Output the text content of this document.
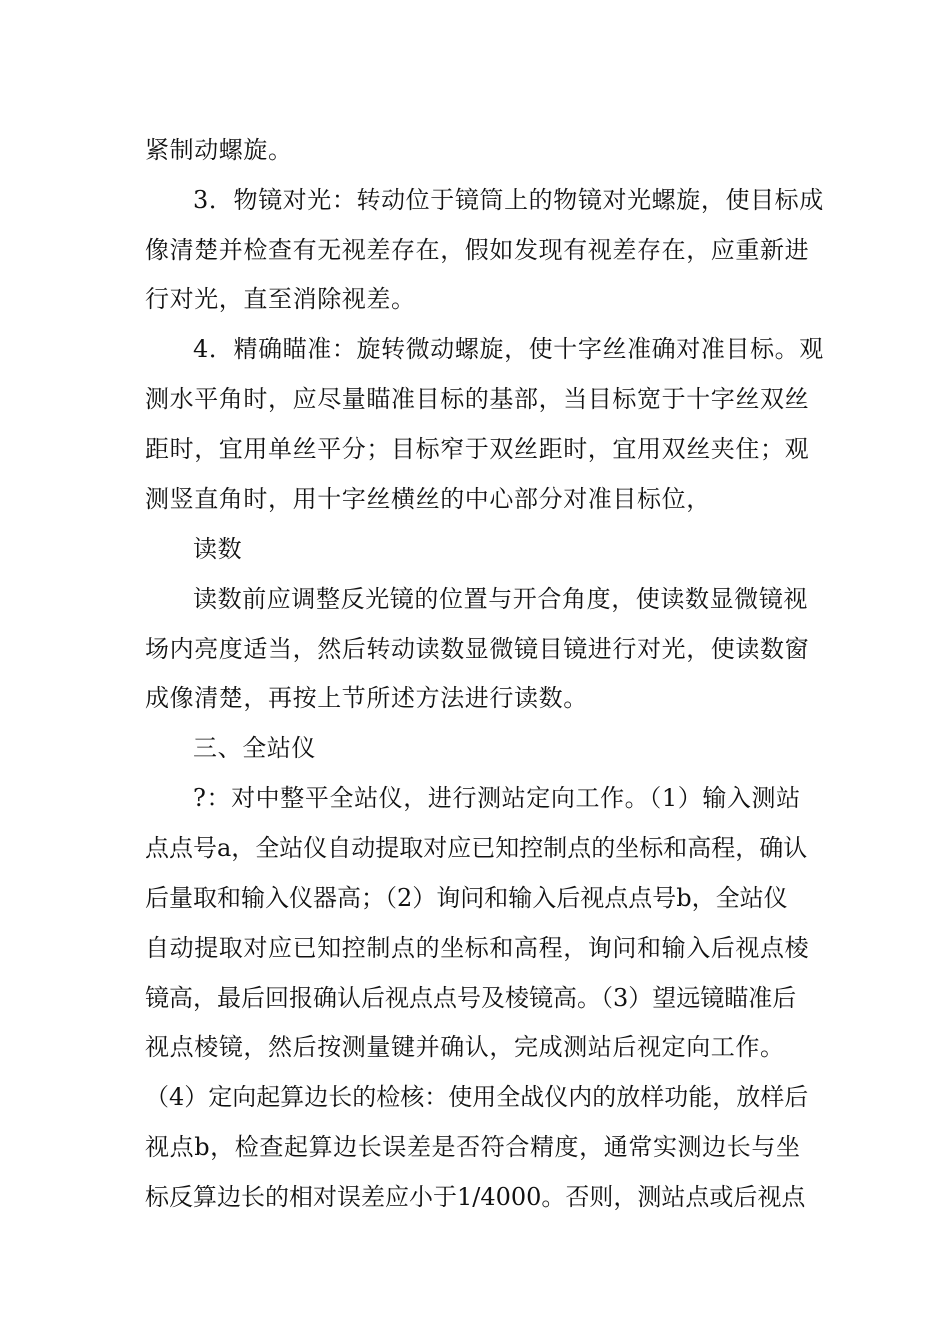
紧制动螺旋。
3．物镜对光：转动位于镜筒上的物镜对光螺旋，使目标成
像清楚并检查有无视差存在，假如发现有视差存在，应重新进
行对光，直至消除视差。
4．精确瞄准：旋转微动螺旋，使十字丝准确对准目标。观
测水平角时，应尽量瞄准目标的基部，当目标宽于十字丝双丝
距时，宜用单丝平分；目标窄于双丝距时，宜用双丝夹住；观
测竖直角时，用十字丝横丝的中心部分对准目标位，
读数
读数前应调整反光镜的位置与开合角度，使读数显微镜视
场内亮度适当，然后转动读数显微镜目镜进行对光，使读数窗
成像清楚，再按上节所述方法进行读数。
三、全站仪
?：对中整平全站仪，进行测站定向工作。（1）输入测站
点点号a，全站仪自动提取对应已知控制点的坐标和高程，确认
后量取和输入仪器高；（2）询问和输入后视点点号b，全站仪
自动提取对应已知控制点的坐标和高程，询问和输入后视点棱
镜高，最后回报确认后视点点号及棱镜高。（3）望远镜瞄准后
视点棱镜，然后按测量键并确认，完成测站后视定向工作。
（4）定向起算边长的检核：使用全战仪内的放样功能，放样后
视点b，检查起算边长误差是否符合精度，通常实测边长与坐
标反算边长的相对误差应小于1/4000。否则，测站点或后视点
